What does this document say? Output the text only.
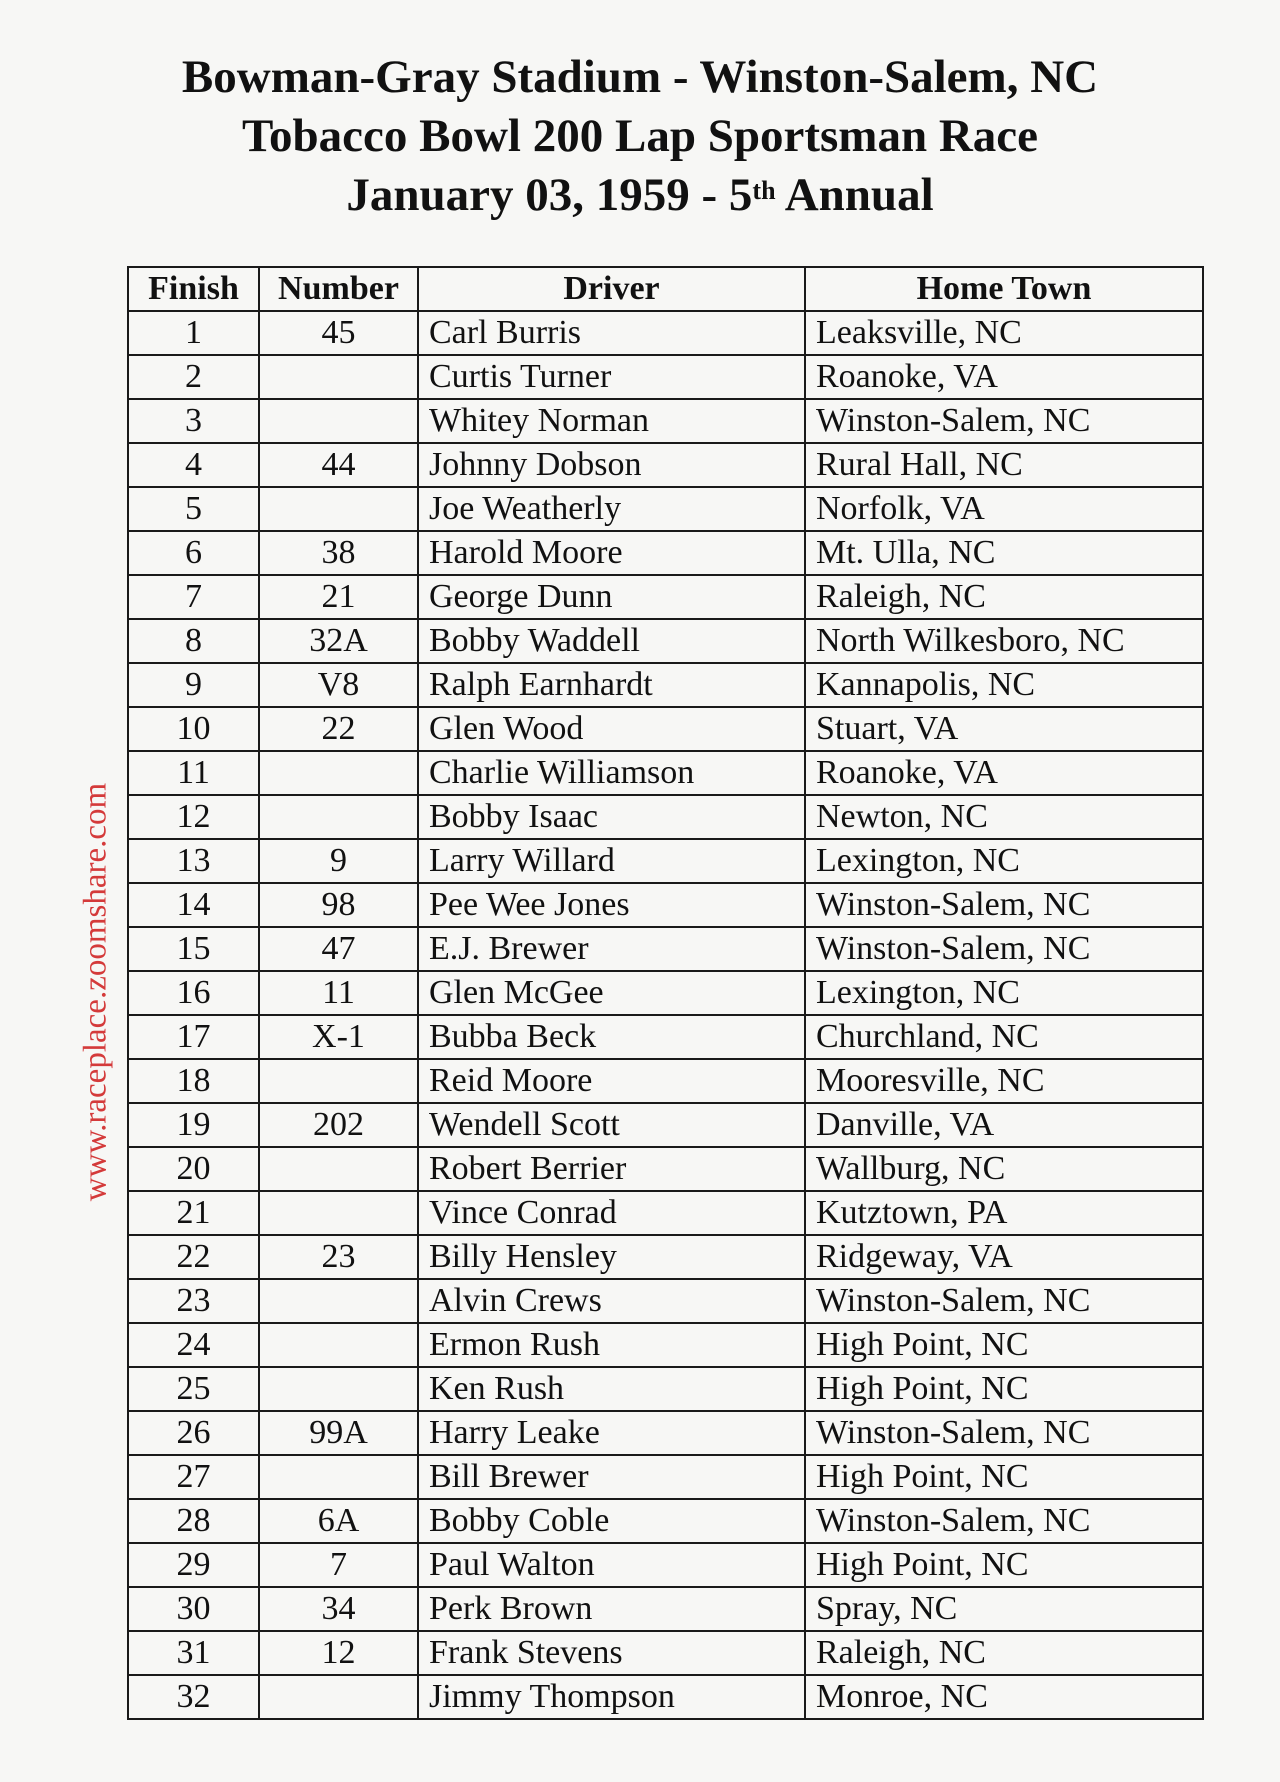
Bowman-Gray Stadium - Winston-Salem, NC
Tobacco Bowl 200 Lap Sportsman Race
January 03, 1959 - 5th Annual
www.raceplace.zoomshare.com
Finish	Number	Driver	Home Town
1	45	Carl Burris	Leaksville, NC
2		Curtis Turner	Roanoke, VA
3		Whitey Norman	Winston-Salem, NC
4	44	Johnny Dobson	Rural Hall, NC
5		Joe Weatherly	Norfolk, VA
6	38	Harold Moore	Mt. Ulla, NC
7	21	George Dunn	Raleigh, NC
8	32A	Bobby Waddell	North Wilkesboro, NC
9	V8	Ralph Earnhardt	Kannapolis, NC
10	22	Glen Wood	Stuart, VA
11		Charlie Williamson	Roanoke, VA
12		Bobby Isaac	Newton, NC
13	9	Larry Willard	Lexington, NC
14	98	Pee Wee Jones	Winston-Salem, NC
15	47	E.J. Brewer	Winston-Salem, NC
16	11	Glen McGee	Lexington, NC
17	X-1	Bubba Beck	Churchland, NC
18		Reid Moore	Mooresville, NC
19	202	Wendell Scott	Danville, VA
20		Robert Berrier	Wallburg, NC
21		Vince Conrad	Kutztown, PA
22	23	Billy Hensley	Ridgeway, VA
23		Alvin Crews	Winston-Salem, NC
24		Ermon Rush	High Point, NC
25		Ken Rush	High Point, NC
26	99A	Harry Leake	Winston-Salem, NC
27		Bill Brewer	High Point, NC
28	6A	Bobby Coble	Winston-Salem, NC
29	7	Paul Walton	High Point, NC
30	34	Perk Brown	Spray, NC
31	12	Frank Stevens	Raleigh, NC
32		Jimmy Thompson	Monroe, NC
